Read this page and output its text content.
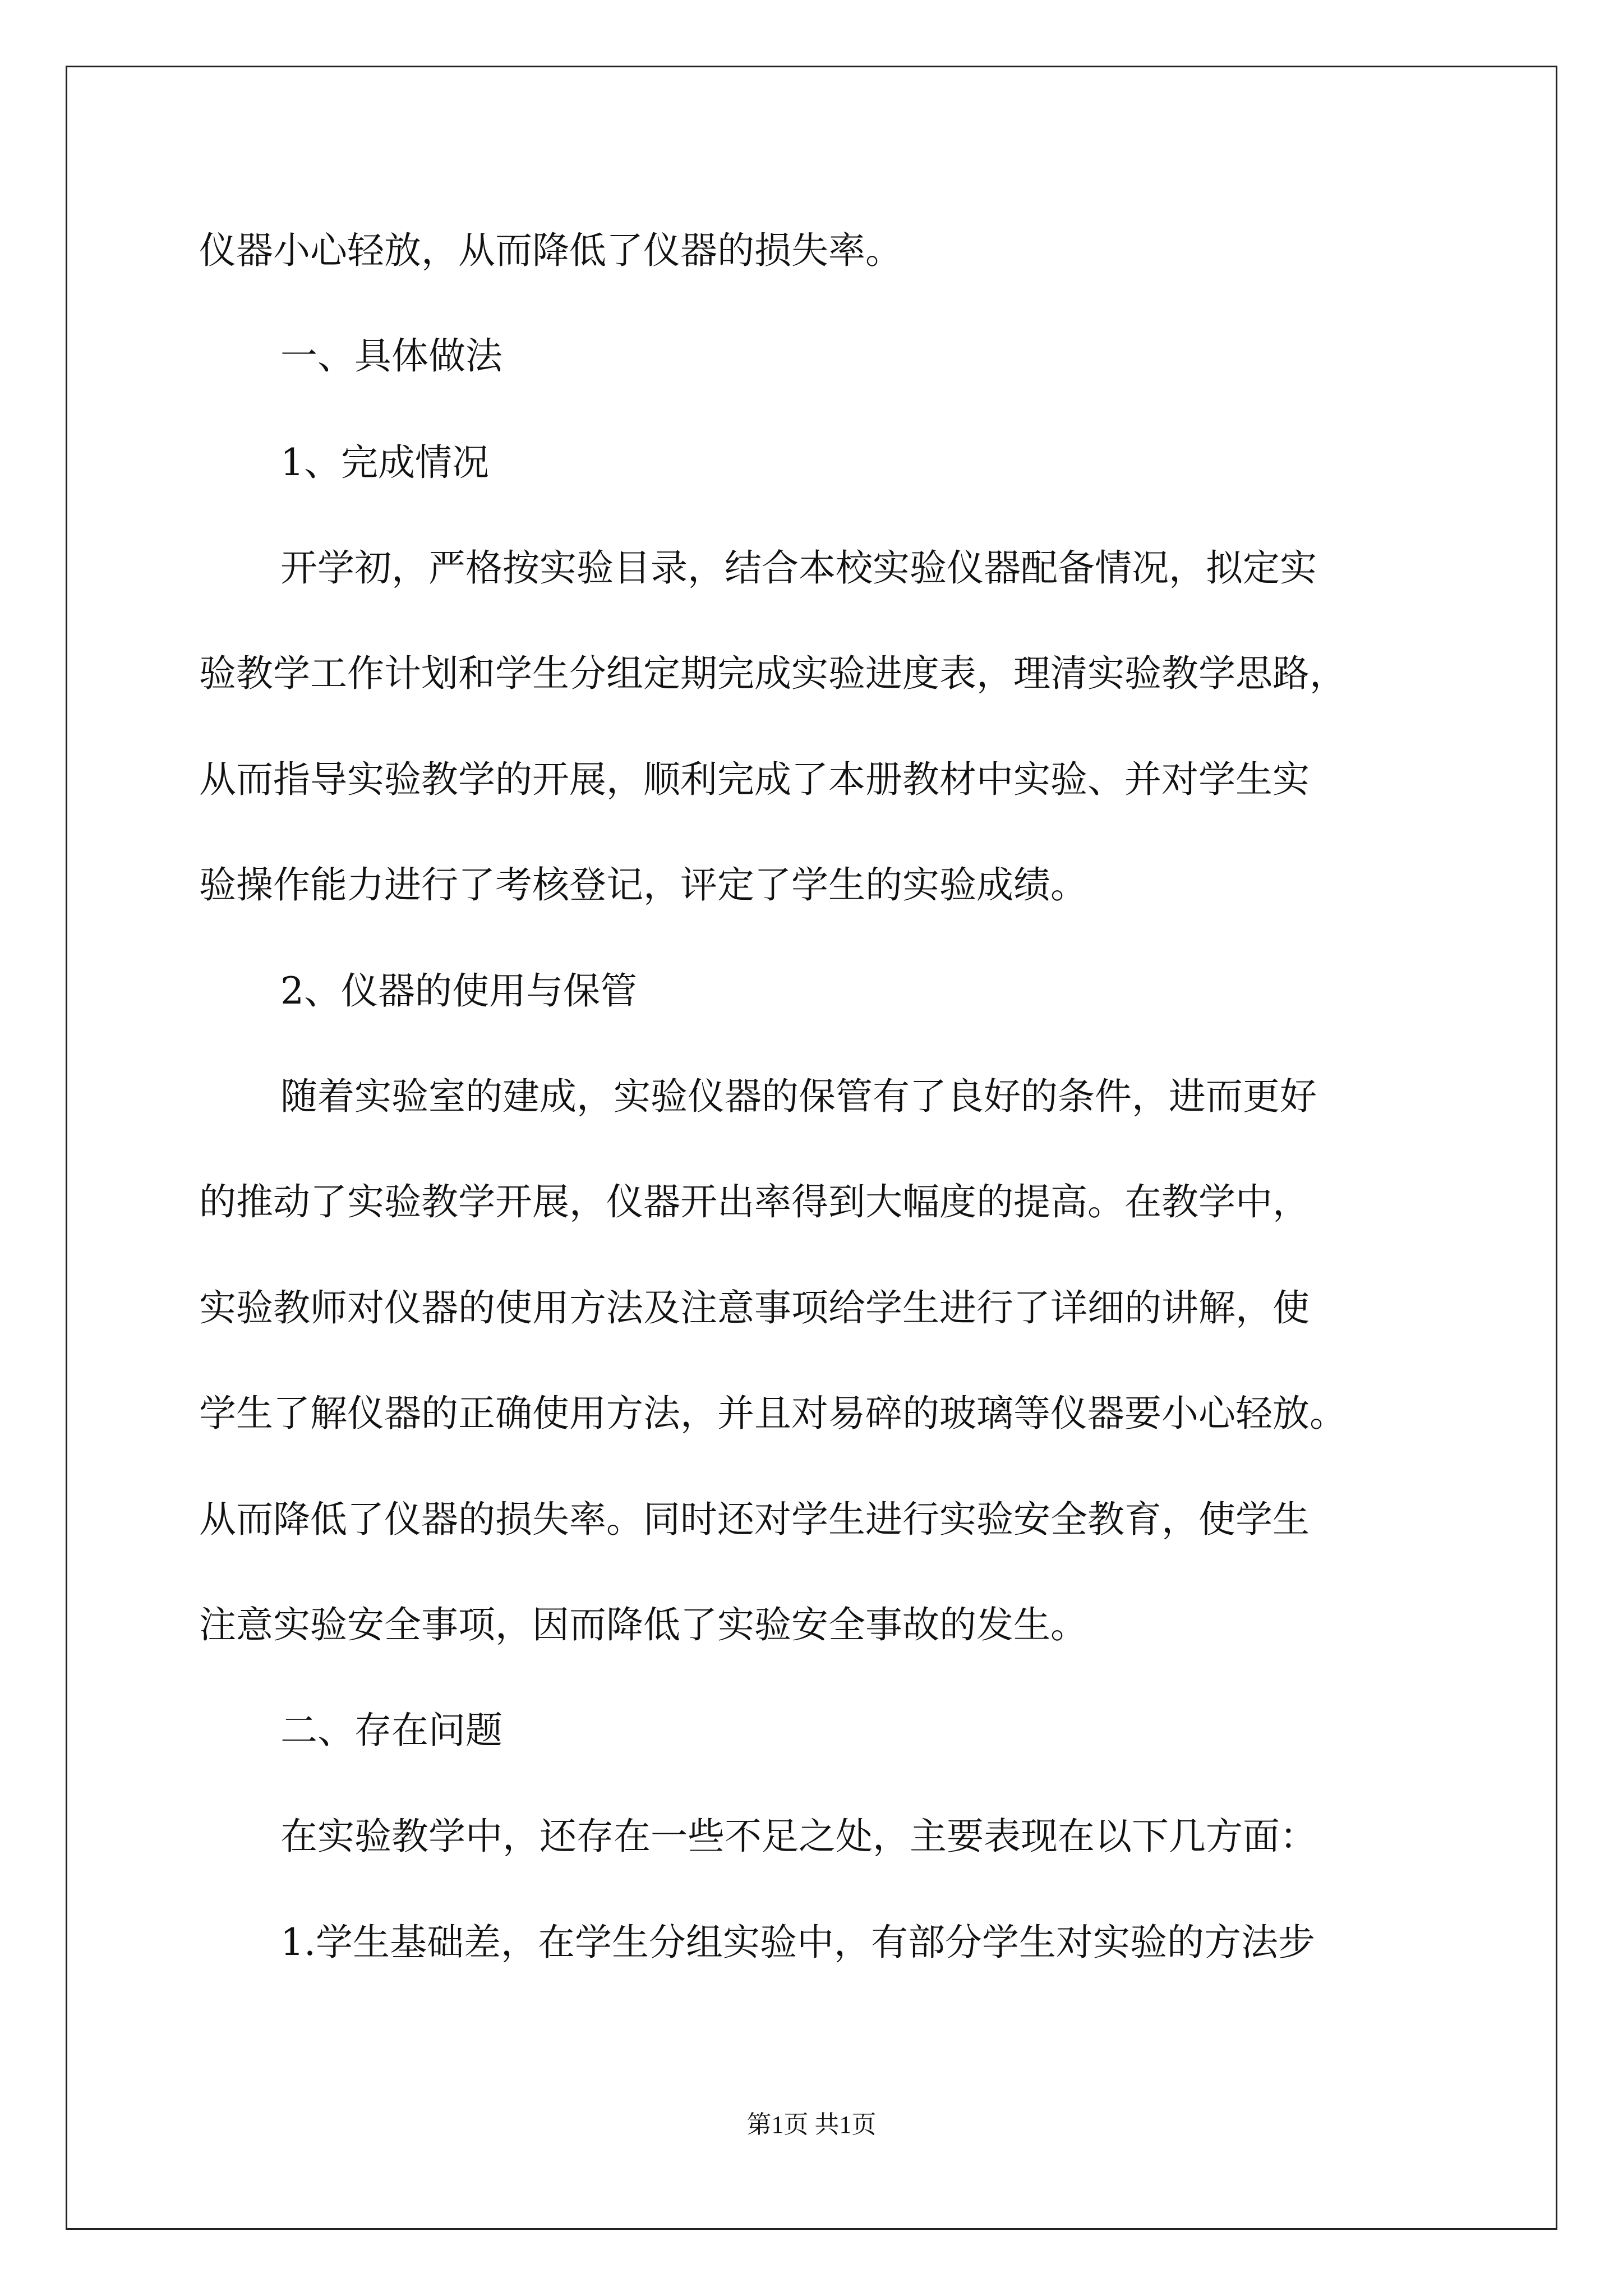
仪器小心轻放，从而降低了仪器的损失率。
一、具体做法
1、完成情况
开学初，严格按实验目录，结合本校实验仪器配备情况，拟定实
验教学工作计划和学生分组定期完成实验进度表，理清实验教学思路，
从而指导实验教学的开展，顺利完成了本册教材中实验、并对学生实
验操作能力进行了考核登记，评定了学生的实验成绩。
2、仪器的使用与保管
随着实验室的建成，实验仪器的保管有了良好的条件，进而更好
的推动了实验教学开展，仪器开出率得到大幅度的提高。在教学中，
实验教师对仪器的使用方法及注意事项给学生进行了详细的讲解，使
学生了解仪器的正确使用方法，并且对易碎的玻璃等仪器要小心轻放。
从而降低了仪器的损失率。同时还对学生进行实验安全教育，使学生
注意实验安全事项，因而降低了实验安全事故的发生。
二、存在问题
在实验教学中，还存在一些不足之处，主要表现在以下几方面：
1.学生基础差，在学生分组实验中，有部分学生对实验的方法步
第1页 共1页
